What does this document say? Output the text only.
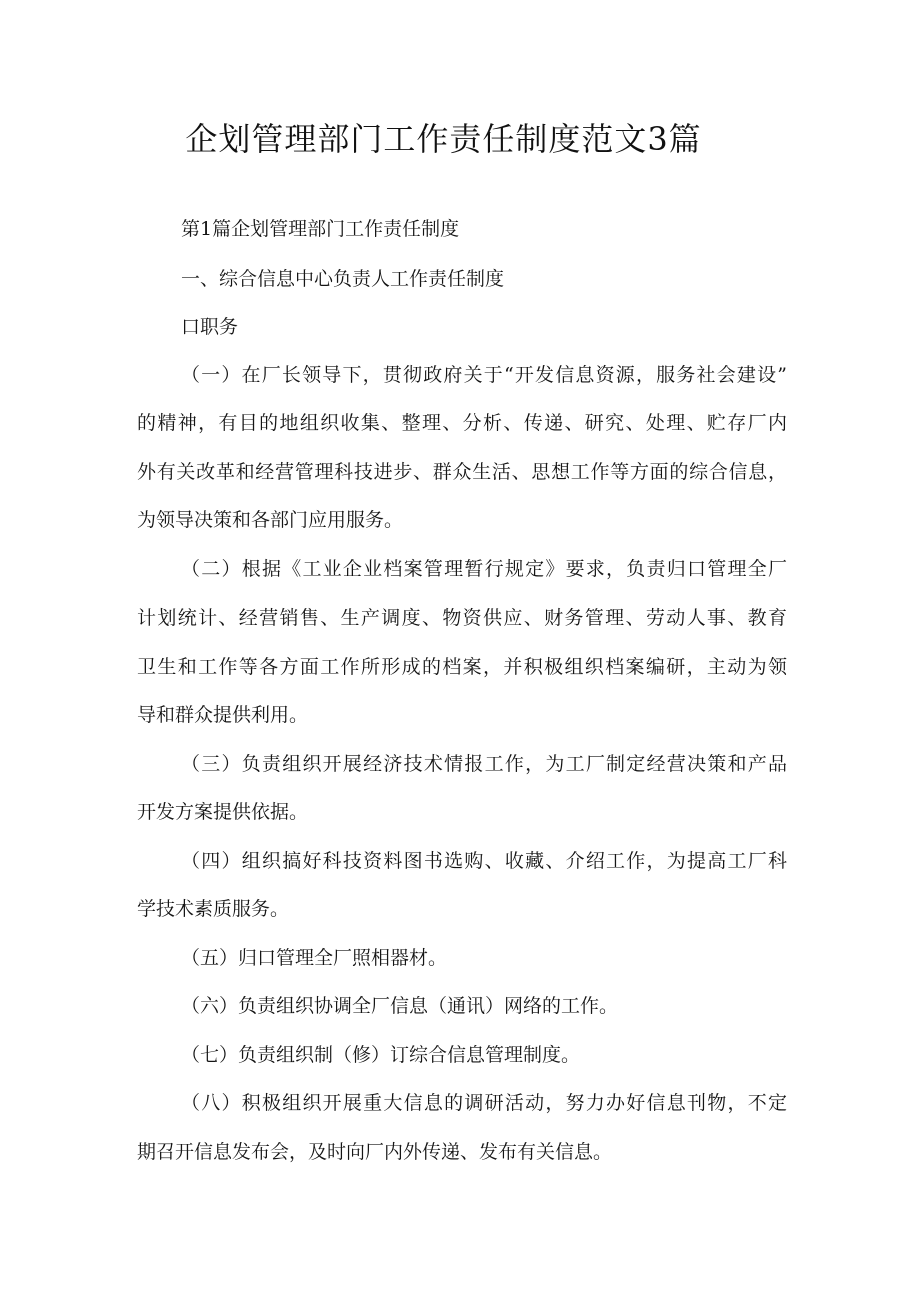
企划管理部门工作责任制度范文3篇

第1篇企划管理部门工作责任制度

一、综合信息中心负责人工作责任制度

口职务

（一）在厂长领导下，贯彻政府关于“开发信息资源，服务社会建设”

的精神，有目的地组织收集、整理、分析、传递、研究、处理、贮存厂内

外有关改革和经营管理科技进步、群众生活、思想工作等方面的综合信息，

为领导决策和各部门应用服务。

（二）根据《工业企业档案管理暂行规定》要求，负责归口管理全厂

计划统计、经营销售、生产调度、物资供应、财务管理、劳动人事、教育

卫生和工作等各方面工作所形成的档案，并积极组织档案编研，主动为领

导和群众提供利用。

（三）负责组织开展经济技术情报工作，为工厂制定经营决策和产品

开发方案提供依据。

（四）组织搞好科技资料图书选购、收藏、介绍工作，为提高工厂科

学技术素质服务。

（五）归口管理全厂照相器材。

（六）负责组织协调全厂信息（通讯）网络的工作。

（七）负责组织制（修）订综合信息管理制度。

（八）积极组织开展重大信息的调研活动，努力办好信息刊物，不定

期召开信息发布会，及时向厂内外传递、发布有关信息。
